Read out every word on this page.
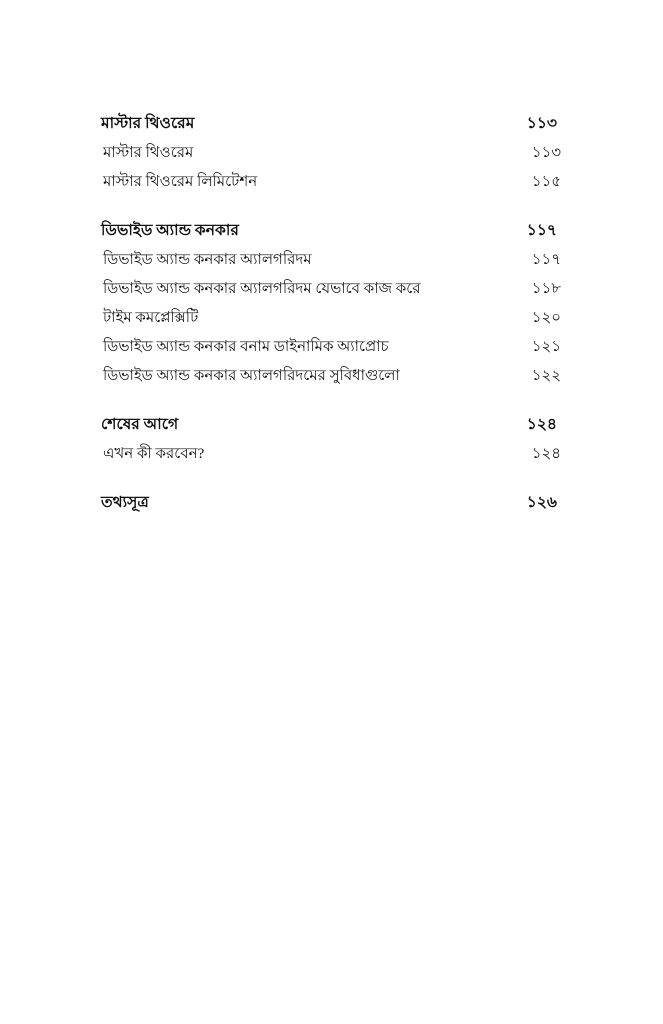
মাস্টার থিওরেম	১১৩
মাস্টার থিওরেম	১১৩
মাস্টার থিওরেম লিমিটেশন	১১৫
ডিভাইড অ্যান্ড কনকার	১১৭
ডিভাইড অ্যান্ড কনকার অ্যালগরিদম	১১৭
ডিভাইড অ্যান্ড কনকার অ্যালগরিদম যেভাবে কাজ করে	১১৮
টাইম কমপ্লেক্সিটি	১২০
ডিভাইড অ্যান্ড কনকার বনাম ডাইনামিক অ্যাপ্রোচ	১২১
ডিভাইড অ্যান্ড কনকার অ্যালগরিদমের সুবিধাগুলো	১২২
শেষের আগে	১২৪
এখন কী করবেন?	১২৪
তথ্যসূত্র	১২৬
